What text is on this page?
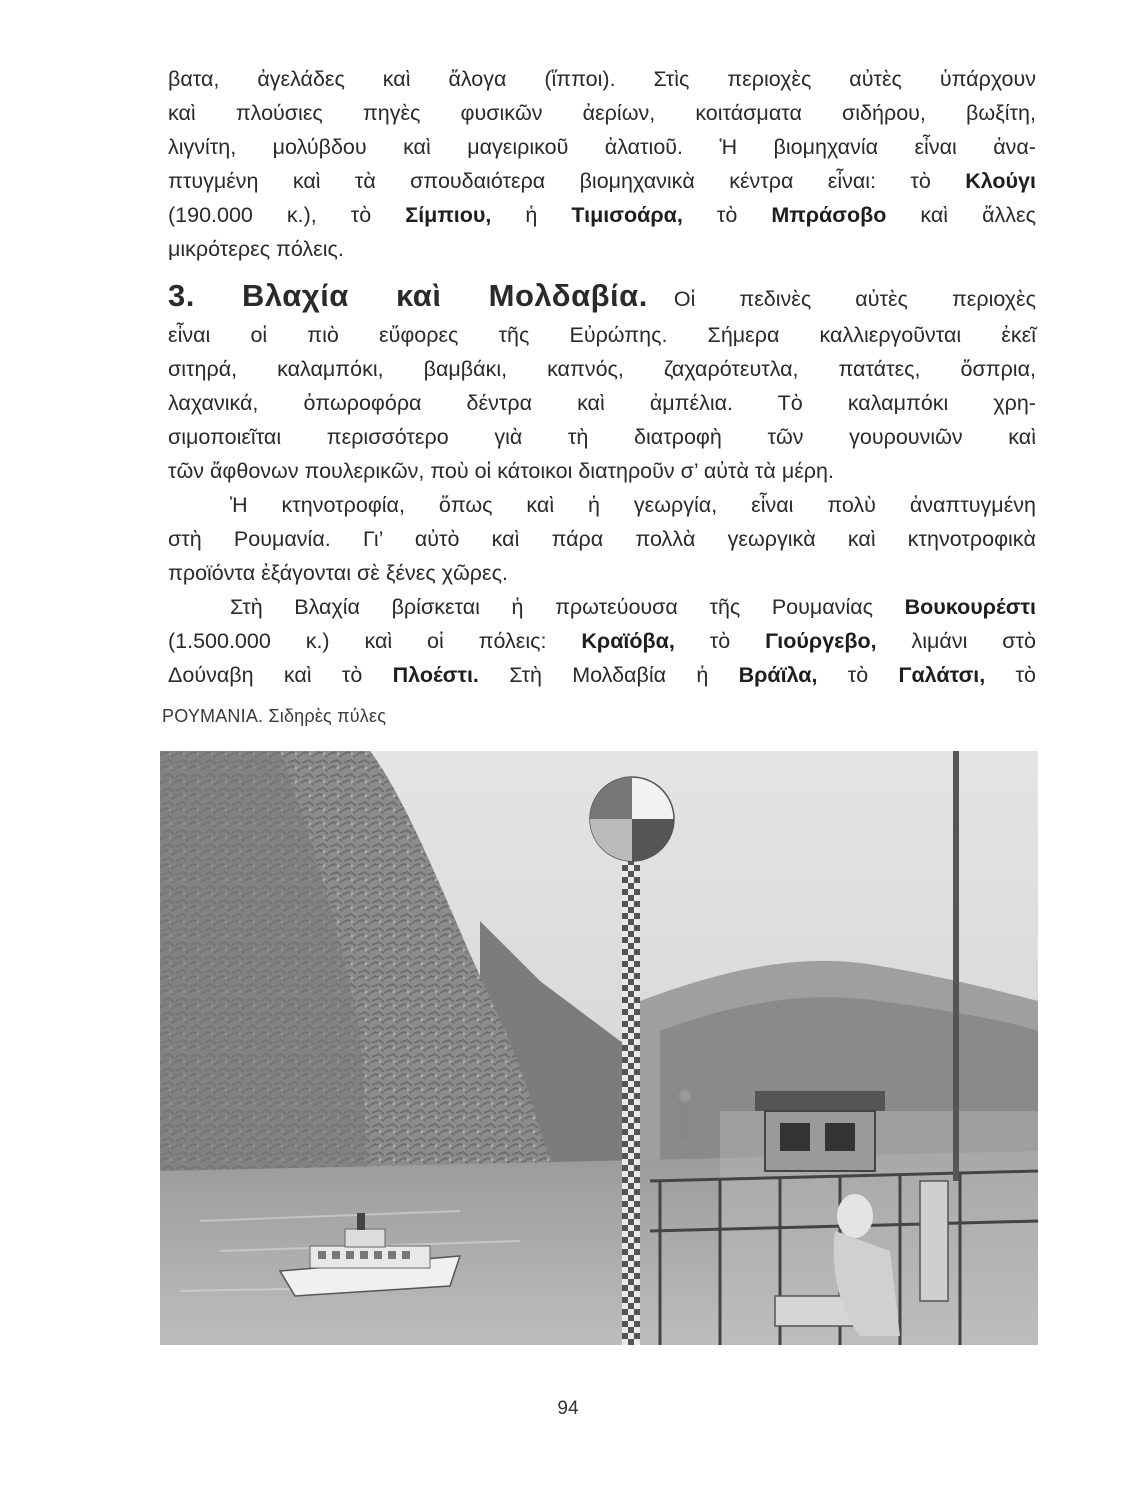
βατα, ἀγελάδες καὶ ἄλογα (ἵπποι). Στὶς περιοχὲς αὐτὲς ὑπάρχουν
καὶ πλούσιες πηγὲς φυσικῶν ἀερίων, κοιτάσματα σιδήρου, βωξίτη,
λιγνίτη, μολύβδου καὶ μαγειρικοῦ ἀλατιοῦ. Ἡ βιομηχανία εἶναι ἀνα-
πτυγμένη καὶ τὰ σπουδαιότερα βιομηχανικὰ κέντρα εἶναι: τὸ Κλούγι
(190.000 κ.), τὸ Σίμπιου, ἡ Τιμισοάρα, τὸ Μπράσοβο καὶ ἄλλες
μικρότερες πόλεις.
3. Βλαχία καὶ Μολδαβία. Οἱ πεδινὲς αὐτὲς περιοχὲς
εἶναι οἱ πιὸ εὔφορες τῆς Εὐρώπης. Σήμερα καλλιεργοῦνται ἐκεῖ
σιτηρά, καλαμπόκι, βαμβάκι, καπνός, ζαχαρότευτλα, πατάτες, ὄσπρια,
λαχανικά, ὀπωροφόρα δέντρα καὶ ἀμπέλια. Τὸ καλαμπόκι χρη-
σιμοποιεῖται περισσότερο γιὰ τὴ διατροφὴ τῶν γουρουνιῶν καὶ
τῶν ἄφθονων πουλερικῶν, ποὺ οἱ κάτοικοι διατηροῦν σ’ αὐτὰ τὰ μέρη.
Ἡ κτηνοτροφία, ὅπως καὶ ἡ γεωργία, εἶναι πολὺ ἀναπτυγμένη
στὴ Ρουμανία. Γι’ αὐτὸ καὶ πάρα πολλὰ γεωργικὰ καὶ κτηνοτροφικὰ
προϊόντα ἐξάγονται σὲ ξένες χῶρες.
Στὴ Βλαχία βρίσκεται ἡ πρωτεύουσα τῆς Ρουμανίας Βουκουρέστι
(1.500.000 κ.) καὶ οἱ πόλεις: Κραϊόβα, τὸ Γιούργεβο, λιμάνι στὸ
Δούναβη καὶ τὸ Πλοέστι. Στὴ Μολδαβία ἡ Βράϊλα, τὸ Γαλάτσι, τὸ
ΡΟΥΜΑΝΙΑ. Σιδηρὲς πύλες
94
